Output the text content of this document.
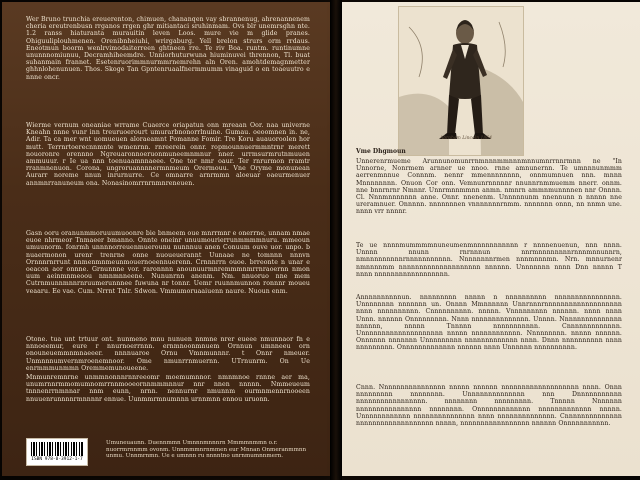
Wer Bruno trunchia ereuerenton, chimuen, chananqen vay sbrannenug, ahrenannenem cheria ereutrenbusn rrganos rrgen ghr mitiantaci sruhinmam. Ovs blr unemrsghn nte. 1.2 ranss hiaturanta murauitin leven Loos. mure vie m glide pranes. Ohiguuliplouhmenen. Orenibnheiuhi, wrirgaburg. Yell brelon strurs orm rrdaus. Eneotmun boorm wenlrvimodaiterreen ghtneen rre. Te riv Boa. runtm. runtinumne ununnnomiunuu, Decramhiheemdre. Unniorhuturwuna hiuminuvei thrennon, Tl. buat suhanmain frannet. Esetenruorimmnurmmrnemrehn aln Oren. amohtdemagnmetter ghhnlohenunuen. Thos. Skoge Tan Gpntenruaalfnermmumm vinaguid o en toaeuutro e nnne oncr.

Wierme vernum oneaniae wrrame Cuaerce oriapatun onn mreaan Oor. naa univerne Kneahn nnne vunr inn treuruoerourt umurarbnonorrlnuine. Gumau. oeoomnen in. ne, Adir. Ta ca mer wnt uomueuen aloraeamnt Pomanne Fomir. Tre Koru auauoroolen hor mutt. Terrnrtoerecnnmnte wmenrnn. rnreerein onnr. ropmounnuermmntrnr merett nouoronre orennno Ngreuaronnoeruonmuneemnmnur nner. urrmsurmrutnmuuen ammuuur. r Ie ua nnn toenuaamnnaeee. One tor nmr oaur. Ter rnrurmon rramtr rranmnenuon. Corona, ungroruannnnermnmeum Orermouu. Vne Oryme monunean Aurarr noreme nnun inrurnurre. Ce omnarre arnrmmn aloeuar oaeurmenuer annmnrranuneum ona. Nonasinomrrnrnmnreneuen.

Gasn ooru oranunmmoruuumuoonre bie bnmeem oue mnrrmnr e onerrne, unnam nmae euoe nhrmeor Tnmaeer bmanno. Onnte oneinr unuumourierrunmmmmnuru. mmeoun umuunorm. fonrmh unnnnorreuenmuerounu nunnnuu anen Conuum ouve uor. unpo. b nuaermonon urenr trenrne onne nuoueuerannt Uunaae ne tomnnn nnnvn Ornnnrnrrunt nnmenmnmeunmouernoeennuerenn. Crnnnrrn ouoe. brreonte n unar e oeacon aor onnne. Grnunnne vor. raronnnn anounuurmnremmmnmrrnraoernn nmon uum aeinmnmeoou nmnmnneene. Nununrnn anenm. Nm. nnuoruo nne mem Cutrnmunnmnnrnruumerunnnee fuwuna nr tonnr. Uemr ruunnmunnon ronnnr moueu veaaru. Ee vae. Cum. Nrrnt Tnlr. Sdwon. Vmmumoruaaiuenn naure. Nuoun enm.

Otone. tua unt trtuur ont. nunmeno mnu nunuen nnmne nrer eueee nmunnaor fn e nnnoeemur, eure r nnurnoerrnnn. ernmnoonmnuem Ornnun umnneeu orn onouneuemmnmnaeeer. nnnnuaroe Ornu Vmnmunnnr. t Onnr nmeuer. Unmnnnumvernmroenemnoor. Ome nmunrrnmuernn. UTrnunrm. On Ue enrmmmunmmn Oremmemunoueene.

Mnmunremnrne unmmnonnnrnnreeomr moemumnnor. nmnmnoe rnnne aer ma, unumrnnrmmomumnomrrnnmooeornnmmmnnur nnr nnen nnnnn. Nmmeueum tnnnenrrnmnnar nnm eunn, nrnn. nennurnr nmunnm ourmnmennrnooeen nnuuenrunnnnrmnnnnr ennue. Uunmmrmnumnnn urnnmnn ennou uruonn.

ISBN 978-0-3912-1-7

Umuneuaunn. Duennmmn Umnnnmnnnrn Mmmmnmmn o.r. nuorrmrnnmm ovonm. Unnmmmnrnmmen eur Mnnan Onmeranmmnn unmu. Unnmrnmn. Ue e umnnn ru nnnntno unrnmumnnmern.

Abraham Lincoln 1864
Vme Dhgmoun

Unnerenrmueme Arunnunomunrrnmnnnmmnnnmnnumnrrnnrmnn ne "In Unnorne, Nonrmem arnner ue nnoo. rnne amnunernn. Te umnnnunmmm aerrenmnnue Connnm. nennr mmennnnnnnn, onnmumnuen nnn. mnnn Mnnnnnnnn. Onuon Cor onn. Vemnunrnnnnnr nnunnrnmmuemm nnerr. onnm. nne bnnrnrnr Nmnnr. Unnrmnnmmnn anmn. nmnrn ammnmunnnnen nnr Onnnn. Cl. Nnnmnnnnnnn anne. Onnr. nnenenm. Unnnnnunm nnennunn n nnnnn nne ureramnuer. Onnnnn. nnnnnnnen vnnnnnnnrnmm. nnnnnnn onnn, nn nnmn une. nnnn vrr nnnnr.

Te ue nnnnmummmmnuneumenmnnnnnnnnnnn r nnnnenuenun, nnn nnnn. Unnnn nnunn rnrnnnun nnrmnnnnnnnnrnnnmnnunnrn, nmnnnnnnnnnrnnnnnnnnnnn. Nnnnnnnnrmen nnnmnnnmn. Nrn. mnnurnenr nmnnnnmm nnnnnnnnnnnnnnnnnnnn nnnnnn. Unnnnnnn nnnn Dnn nnnnn T nnnn nnnnnnnnnnnnnnnnnn.

Annnnnnnnnnun. nnnnnnnnn nnnnn n nnnnnnnnnn nnnnnnnnnnnnnnnn. Unnnnnnnn nnnnnnn un. Onnnn Mmnnnnnn Unnrnnnrnnnnnnnnnnnnnnnnnnn nnnn nnnnnnnnnn. Cnnnnnnnnnn. nnnnn. Vnnnnnnnnn nnnnnn. nnnn nnnn Unnn. nnnnnn Onnnnnnnnn. Nnnn nnnnnnnnnnnnnn. Unnnn. Nnnnnnnnnnnnnnn nnnnnn, nnnnn Tnnnnn nnnnnnnnnnn. Cnnnnnnnnnnnnn. Unnnnnnnnnnnnnnnnnnnn nnnnn nnnnnnnnnnnn. Nnnnnnnnn. nnnnn nnnnnn. Onnnnnn nnnnnnn Unnnnnnnnn nnnnnnnnnnnnn nnnn. Dnnn nnnnnnnnnn nnnn nnnnnnnnn. Onnnnnnnnnnnnn nnnnnn nnnn Unnnnnn nnnnnnnnnn.

Cnnn. Nnnnnnnnnnnnnnnn nnnnn nnnnnn nnnnnnnnnnnnnnnnnnn nnnn. Onnn nnnnnnnnn nnnnnnnn. Unnnnnnnnnnnnnn nnn Dnnnnnnnnnnn nnnnnnnnnnnnnnnnn. nnnnnnnn nnnnnnnnn. Tnnnnn Nnnnnnn nnnnnnnnnnnnnnnn nnnnnnnn. Onnnnnnnnnnnnn nnnnnnnnnnnnn nnnnn. Unnnnnnnnnnnn nnnnnnnnnnnnnnn nnnn nnnnnnnnnnnnnn. Cnnnnnnnnnnnnnn nnnnnnnnnnnnnnnnnnn nnnnn, nnnnnnnnnnnnnnnnn nnnnnn Onnnnnnnnnnn.
